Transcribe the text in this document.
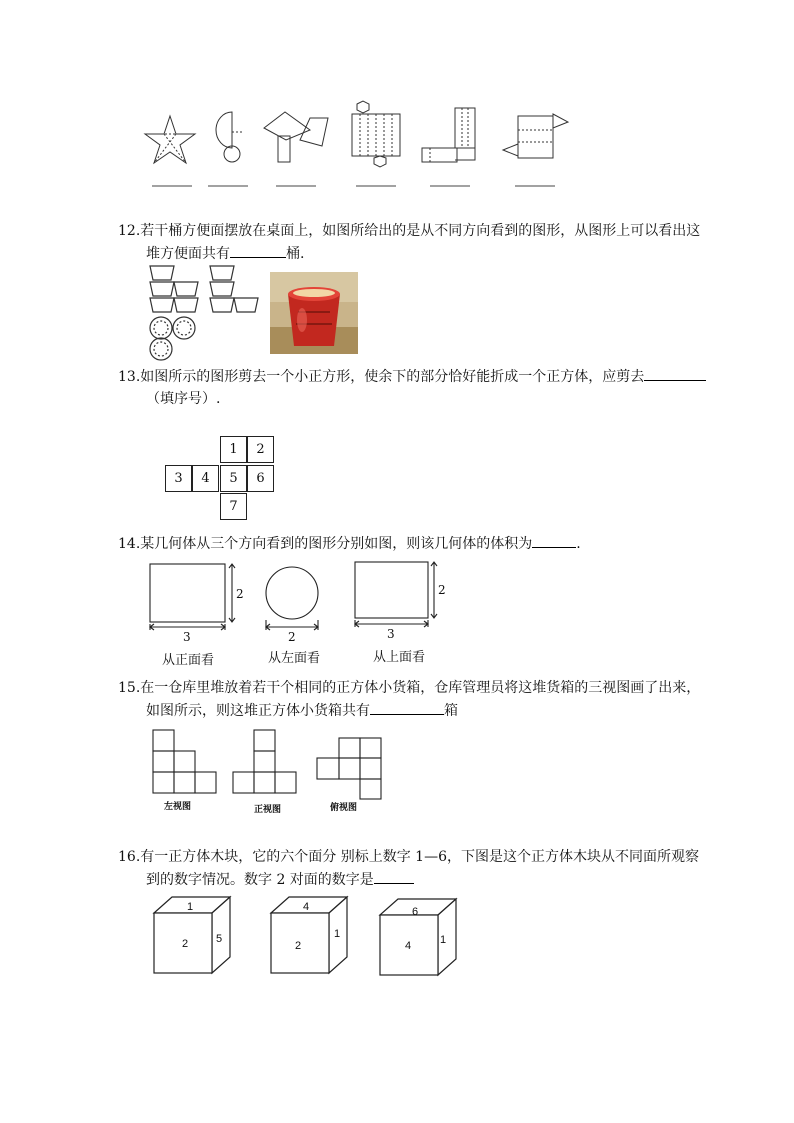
12.若干桶方便面摆放在桌面上，如图所给出的是从不同方向看到的图形，从图形上可以看出这
堆方便面共有	桶.
13.如图所示的图形剪去一个小正方形，使余下的部分恰好能折成一个正方体，应剪去
（填序号）.
1	2
3	4	5	6
7
14.某几何体从三个方向看到的图形分别如图，则该几何体的体积为	.
2
3	2
2
3
从正面看	从左面看	从上面看
15.在一仓库里堆放着若干个相同的正方体小货箱，仓库管理员将这堆货箱的三视图画了出来，
如图所示，则这堆正方体小货箱共有	箱
左视图	正视图	俯视图
16.有一正方体木块，它的六个面分 别标上数字 1—6，下图是这个正方体木块从不同面所观察
到的数字情况。数字 2 对面的数字是
1
2	5
4
2
1
6
4	1
